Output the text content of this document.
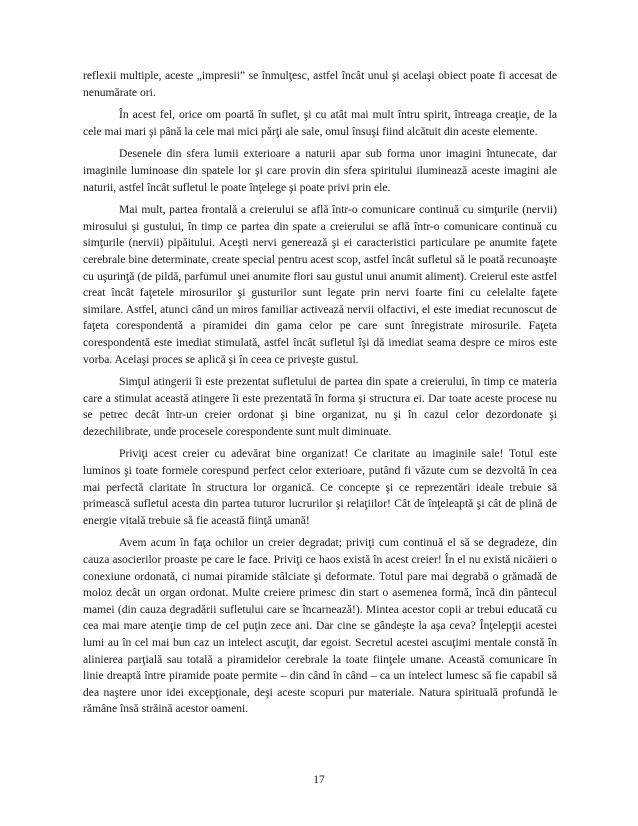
reflexii multiple, aceste „impresii” se înmulţesc, astfel încât unul şi acelaşi obiect poate fi accesat de nenumărate ori.

În acest fel, orice om poartă în suflet, şi cu atât mai mult întru spirit, întreaga creaţie, de la cele mai mari şi până la cele mai mici părţi ale sale, omul însuşi fiind alcătuit din aceste elemente.

Desenele din sfera lumii exterioare a naturii apar sub forma unor imagini întunecate, dar imaginile luminoase din spatele lor şi care provin din sfera spiritului iluminează aceste imagini ale naturii, astfel încât sufletul le poate înţelege şi poate privi prin ele.

Mai mult, partea frontală a creierului se află într-o comunicare continuă cu simţurile (nervii) mirosului şi gustului, în timp ce partea din spate a creierului se află într-o comunicare continuă cu simţurile (nervii) pipăitului. Aceşti nervi generează şi ei caracteristici particulare pe anumite faţete cerebrale bine determinate, create special pentru acest scop, astfel încât sufletul să le poată recunoaşte cu uşurinţă (de pildă, parfumul unei anumite flori sau gustul unui anumit aliment). Creierul este astfel creat încât faţetele mirosurilor şi gusturilor sunt legate prin nervi foarte fini cu celelalte faţete similare. Astfel, atunci când un miros familiar activează nervii olfactivi, el este imediat recunoscut de faţeta corespondentă a piramidei din gama celor pe care sunt înregistrate mirosurile. Faţeta corespondentă este imediat stimulată, astfel încât sufletul îşi dă imediat seama despre ce miros este vorba. Acelaşi proces se aplică şi în ceea ce priveşte gustul.

Simţul atingerii îi este prezentat sufletului de partea din spate a creierului, în timp ce materia care a stimulat această atingere îi este prezentată în forma şi structura ei. Dar toate aceste procese nu se petrec decât într-un creier ordonat şi bine organizat, nu şi în cazul celor dezordonate şi dezechilibrate, unde procesele corespondente sunt mult diminuate.

Priviţi acest creier cu adevărat bine organizat! Ce claritate au imaginile sale! Totul este luminos şi toate formele corespund perfect celor exterioare, putând fi văzute cum se dezvoltă în cea mai perfectă claritate în structura lor organică. Ce concepte şi ce reprezentări ideale trebuie să primească sufletul acesta din partea tuturor lucrurilor şi relaţiilor! Cât de înţeleaptă şi cât de plină de energie vitală trebuie să fie această fiinţă umană!

Avem acum în faţa ochilor un creier degradat; priviţi cum continuă el să se degradeze, din cauza asocierilor proaste pe care le face. Priviţi ce haos există în acest creier! În el nu există nicăieri o conexiune ordonată, ci numai piramide stâlciate şi deformate. Totul pare mai degrabă o grămadă de moloz decât un organ ordonat. Multe creiere primesc din start o asemenea formă, încă din pântecul mamei (din cauza degradării sufletului care se încarnează!). Mintea acestor copii ar trebui educată cu cea mai mare atenţie timp de cel puţin zece ani. Dar cine se gândeşte la aşa ceva? Înţelepţii acestei lumi au în cel mai bun caz un intelect ascuţit, dar egoist. Secretul acestei ascuţimi mentale constă în alinierea parţială sau totală a piramidelor cerebrale la toate fiinţele umane. Această comunicare în linie dreaptă între piramide poate permite – din când în când – ca un intelect lumesc să fie capabil să dea naştere unor idei excepţionale, deşi aceste scopuri pur materiale. Natura spirituală profundă le rămâne însă străină acestor oameni.

17
